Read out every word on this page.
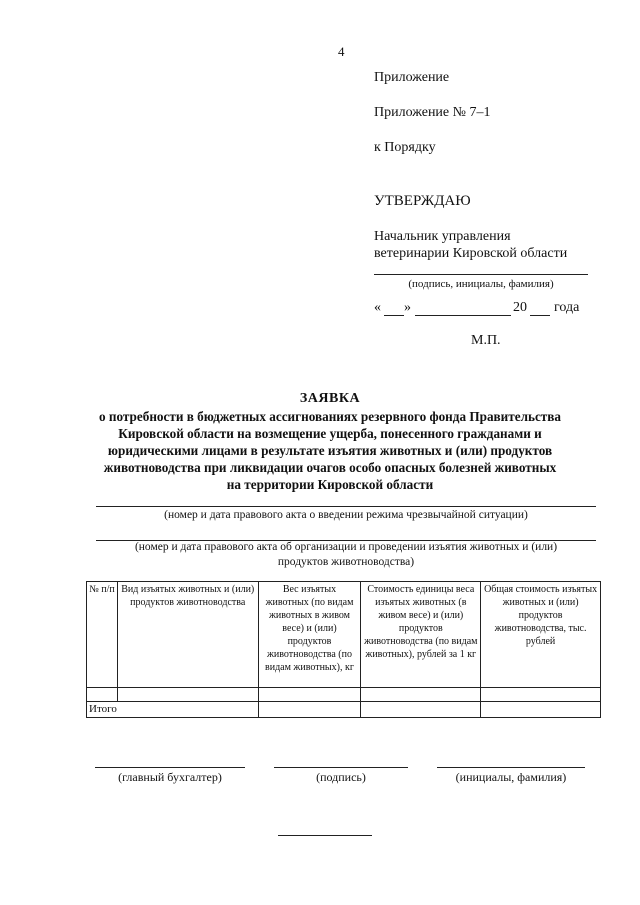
4
Приложение
Приложение № 7–1
к Порядку
УТВЕРЖДАЮ
Начальник управления
ветеринарии Кировской области
(подпись, инициалы, фамилия)
« »	20 года
М.П.
ЗАЯВКА
о потребности в бюджетных ассигнованиях резервного фонда Правительства
Кировской области на возмещение ущерба, понесенного гражданами и
юридическими лицами в результате изъятия животных и (или) продуктов
животноводства при ликвидации очагов особо опасных болезней животных
на территории Кировской области
(номер и дата правового акта о введении режима чрезвычайной ситуации)
(номер и дата правового акта об организации и проведении изъятия животных и (или)
продуктов животноводства)
№ п/п	Вид изъятых животных и (или) продуктов животноводства	Вес изъятых животных (по видам животных в живом весе) и (или) продуктов животноводства (по видам животных), кг	Стоимость единицы веса изъятых животных (в живом весе) и (или) продуктов животноводства (по видам животных), рублей за 1 кг	Общая стоимость изъятых животных и (или) продуктов животноводства, тыс. рублей

Итого				
(главный бухгалтер)	(подпись)	(инициалы, фамилия)
